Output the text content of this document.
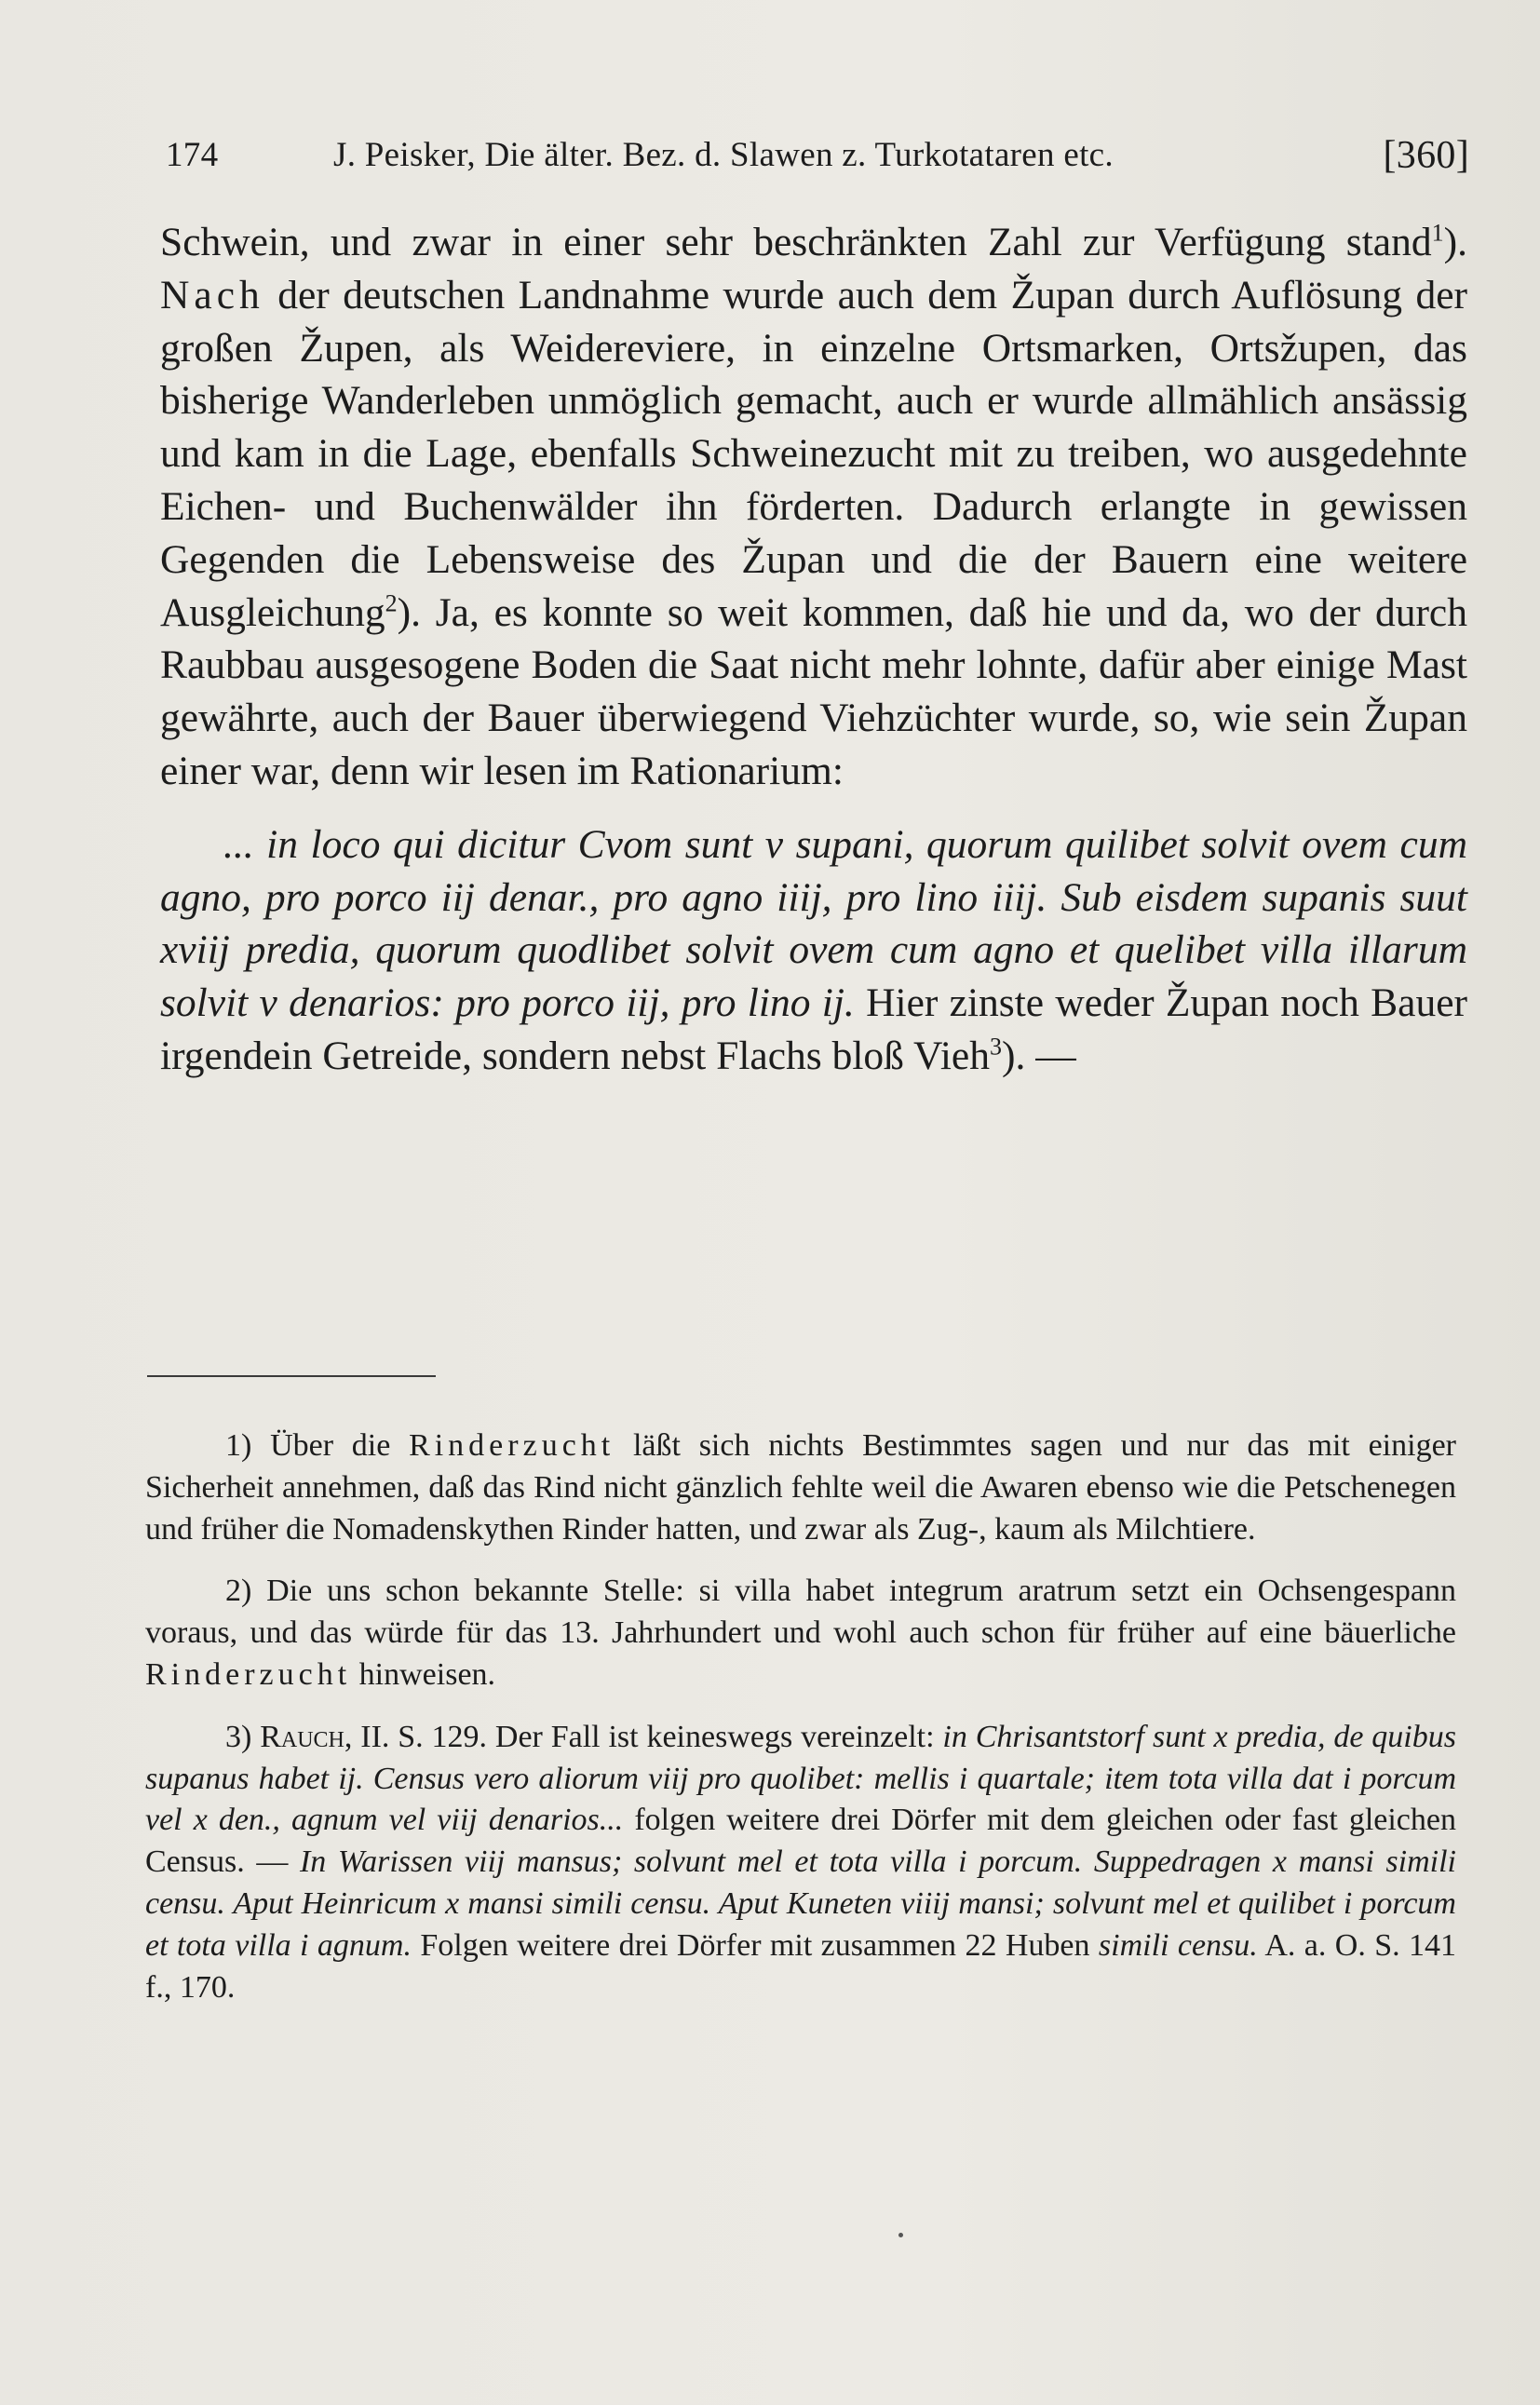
174	J. Peisker, Die älter. Bez. d. Slawen z. Turkotataren etc.	[360]

Schwein, und zwar in einer sehr beschränkten Zahl zur Verfügung stand$^1$). Nach der deutschen Landnahme wurde auch dem Župan durch Auflösung der großen Župen, als Weidereviere, in einzelne Ortsmarken, Ortsžupen, das bisherige Wanderleben unmöglich gemacht, auch er wurde allmählich ansässig und kam in die Lage, ebenfalls Schweinezucht mit zu treiben, wo ausgedehnte Eichen- und Buchenwälder ihn förderten. Dadurch erlangte in gewissen Gegenden die Lebensweise des Župan und die der Bauern eine weitere Ausgleichung$^2$). Ja, es konnte so weit kommen, daß hie und da, wo der durch Raubbau ausgesogene Boden die Saat nicht mehr lohnte, dafür aber einige Mast gewährte, auch der Bauer überwiegend Viehzüchter wurde, so, wie sein Župan einer war, denn wir lesen im Rationarium:

... in loco qui dicitur Cvom sunt v supani, quorum quilibet solvit ovem cum agno, pro porco iij denar., pro agno iiij, pro lino iiij. Sub eisdem supanis suut xviij predia, quorum quodlibet solvit ovem cum agno et quelibet villa illarum solvit v denarios: pro porco iij, pro lino ij. Hier zinste weder Župan noch Bauer irgendein Getreide, sondern nebst Flachs bloß Vieh$^3$). —

1) Über die Rinderzucht läßt sich nichts Bestimmtes sagen und nur das mit einiger Sicherheit annehmen, daß das Rind nicht gänzlich fehlte weil die Awaren ebenso wie die Petschenegen und früher die Nomadenskythen Rinder hatten, und zwar als Zug-, kaum als Milchtiere.

2) Die uns schon bekannte Stelle: si villa habet integrum aratrum setzt ein Ochsengespann voraus, und das würde für das 13. Jahrhundert und wohl auch schon für früher auf eine bäuerliche Rinderzucht hinweisen.

3) Rauch, II. S. 129. Der Fall ist keineswegs vereinzelt: in Chrisantstorf sunt x predia, de quibus supanus habet ij. Census vero aliorum viij pro quolibet: mellis i quartale; item tota villa dat i porcum vel x den., agnum vel viij denarios... folgen weitere drei Dörfer mit dem gleichen oder fast gleichen Census. — In Warissen viij mansus; solvunt mel et tota villa i porcum. Suppedragen x mansi simili censu. Aput Heinricum x mansi simili censu. Aput Kuneten viiij mansi; solvunt mel et quilibet i porcum et tota villa i agnum. Folgen weitere drei Dörfer mit zusammen 22 Huben simili censu. A. a. O. S. 141 f., 170.
